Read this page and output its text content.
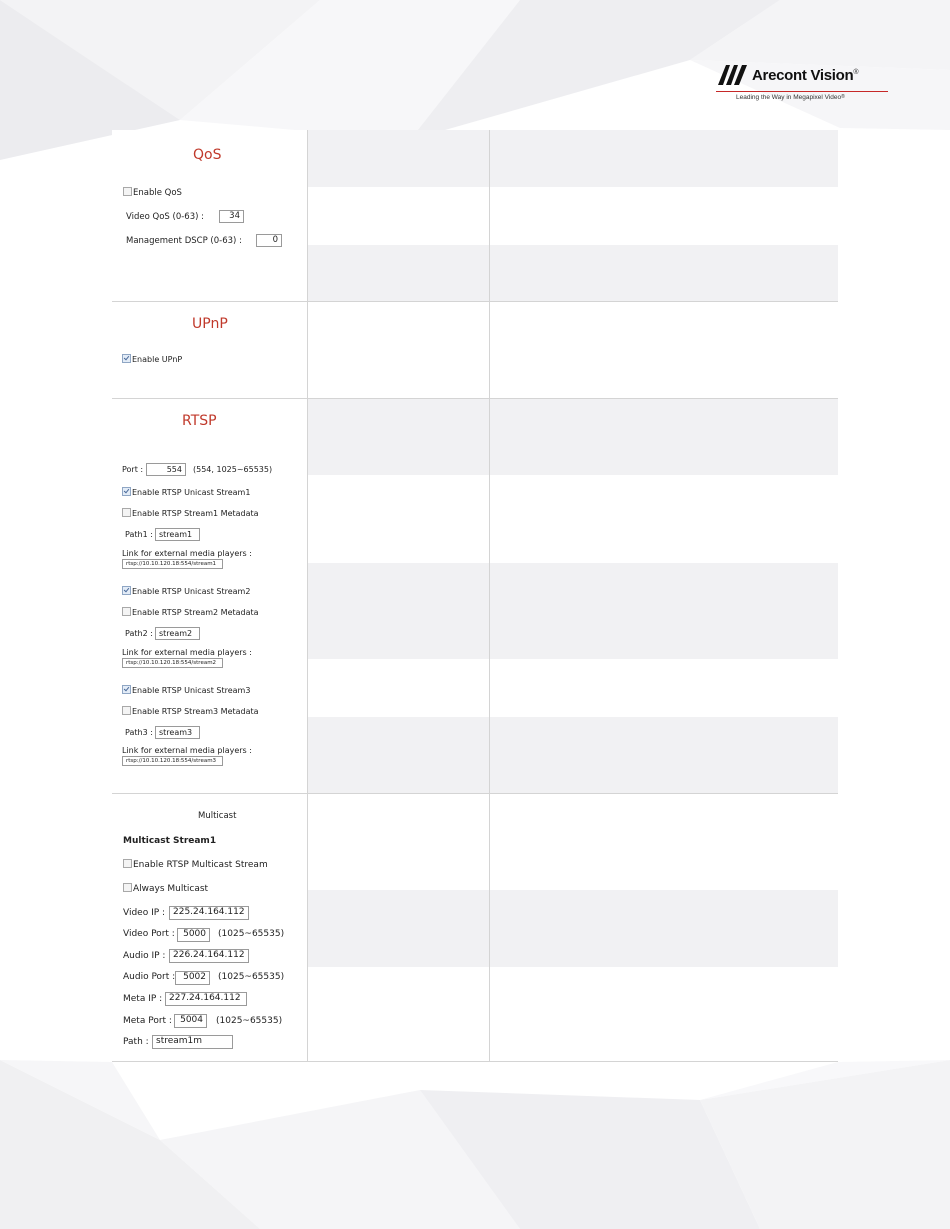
Arecont Vision ®
Leading the Way in Megapixel Video®
QoS
Enable QoS
Video QoS (0-63) :	34
Management DSCP (0-63) :	0
UPnP
Enable UPnP
RTSP
Port :	554	(554, 1025~65535)
Enable RTSP Unicast Stream1
Enable RTSP Stream1 Metadata
Path1 : stream1
Link for external media players :
rtsp://10.10.120.18:554/stream1
Enable RTSP Unicast Stream2
Enable RTSP Stream2 Metadata
Path2 : stream2
Link for external media players :
rtsp://10.10.120.18:554/stream2
Enable RTSP Unicast Stream3
Enable RTSP Stream3 Metadata
Path3 : stream3
Link for external media players :
rtsp://10.10.120.18:554/stream3
Multicast
Multicast Stream1
Enable RTSP Multicast Stream
Always Multicast
Video IP : 225.24.164.112
Video Port : 5000	(1025~65535)
Audio IP : 226.24.164.112
Audio Port : 5002	(1025~65535)
Meta IP : 227.24.164.112
Meta Port : 5004	(1025~65535)
Path : stream1m
